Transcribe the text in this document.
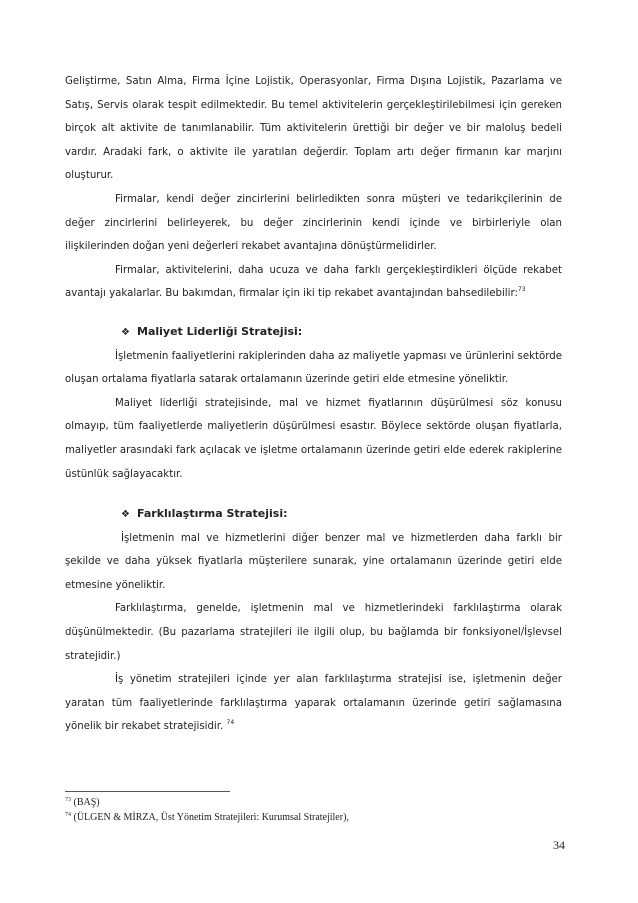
Geliştirme, Satın Alma, Firma İçine Lojistik, Operasyonlar, Firma Dışına Lojistik, Pazarlama ve Satış, Servis olarak tespit edilmektedir. Bu temel aktivitelerin gerçekleştirilebilmesi için gereken birçok alt aktivite de tanımlanabilir. Tüm aktivitelerin ürettiği bir değer ve bir maloluş bedeli vardır. Aradaki fark, o aktivite ile yaratılan değerdir. Toplam artı değer firmanın kar marjını oluşturur.

Firmalar, kendi değer zincirlerini belirledikten sonra müşteri ve tedarikçilerinin de değer zincirlerini belirleyerek, bu değer zincirlerinin kendi içinde ve birbirleriyle olan ilişkilerinden doğan yeni değerleri rekabet avantajına dönüştürmelidirler.

Firmalar, aktivitelerini, daha ucuza ve daha farklı gerçekleştirdikleri ölçüde rekabet avantajı yakalarlar. Bu bakımdan, firmalar için iki tip rekabet avantajından bahsedilebilir:$^{73}$

❖ Maliyet Liderliği Stratejisi:

İşletmenin faaliyetlerini rakiplerinden daha az maliyetle yapması ve ürünlerini sektörde oluşan ortalama fiyatlarla satarak ortalamanın üzerinde getiri elde etmesine yöneliktir.

Maliyet liderliği stratejisinde, mal ve hizmet fiyatlarının düşürülmesi söz konusu olmayıp, tüm faaliyetlerde maliyetlerin düşürülmesi esastır. Böylece sektörde oluşan fiyatlarla, maliyetler arasındaki fark açılacak ve işletme ortalamanın üzerinde getiri elde ederek rakiplerine üstünlük sağlayacaktır.

❖ Farklılaştırma Stratejisi:

İşletmenin mal ve hizmetlerini diğer benzer mal ve hizmetlerden daha farklı bir şekilde ve daha yüksek fiyatlarla müşterilere sunarak, yine ortalamanın üzerinde getiri elde etmesine yöneliktir.

Farklılaştırma, genelde, işletmenin mal ve hizmetlerindeki farklılaştırma olarak düşünülmektedir. (Bu pazarlama stratejileri ile ilgili olup, bu bağlamda bir fonksiyonel/İşlevsel stratejidir.)

İş yönetim stratejileri içinde yer alan farklılaştırma stratejisi ise, işletmenin değer yaratan tüm faaliyetlerinde farklılaştırma yaparak ortalamanın üzerinde getiri sağlamasına yönelik bir rekabet stratejisidir. $^{74}$

$^{73}$ (BAŞ)
$^{74}$ (ÜLGEN & MİRZA, Üst Yönetim Stratejileri: Kurumsal Stratejiler),
34
